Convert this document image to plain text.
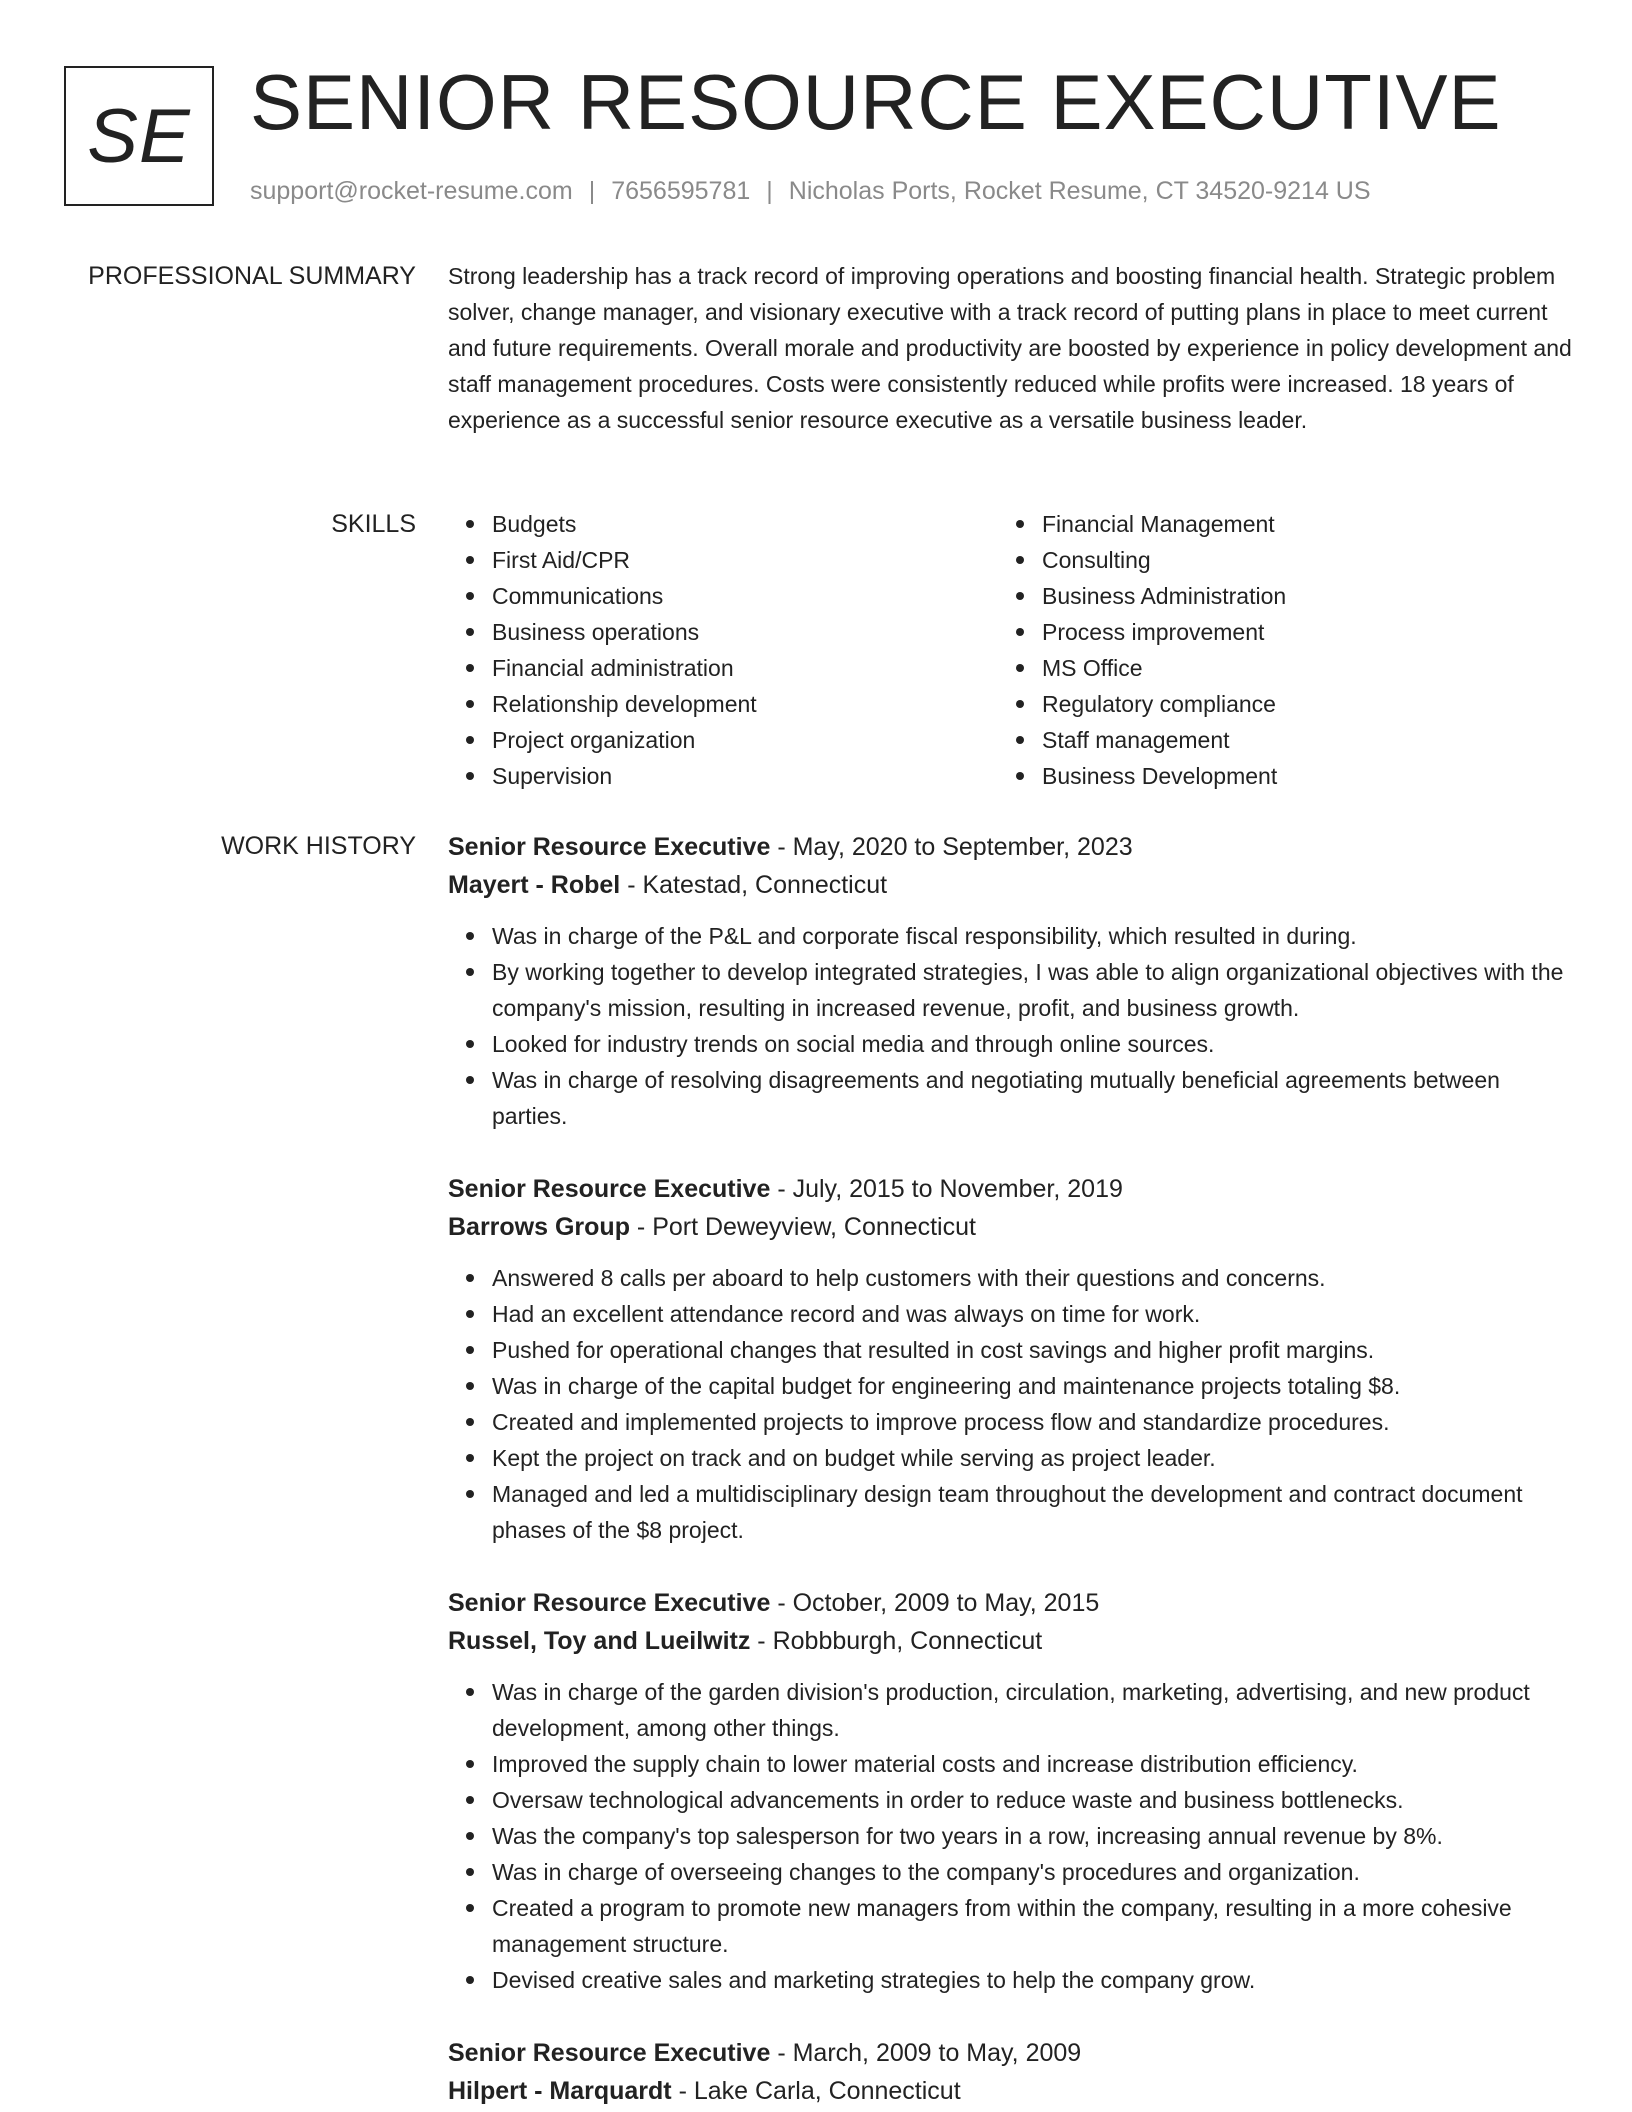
SE SENIOR RESOURCE EXECUTIVE
support@rocket-resume.com | 7656595781 | Nicholas Ports, Rocket Resume, CT 34520-9214 US
PROFESSIONAL SUMMARY Strong leadership has a track record of improving operations and boosting financial health. Strategic problem solver, change manager, and visionary executive with a track record of putting plans in place to meet current and future requirements. Overall morale and productivity are boosted by experience in policy development and staff management procedures. Costs were consistently reduced while profits were increased. 18 years of experience as a successful senior resource executive as a versatile business leader.

SKILLS	Budgets
First Aid/CPR
Communications
Business operations
Financial administration
Relationship development
Project organization
Supervision
Financial Management
Consulting
Business Administration
Process improvement
MS Office
Regulatory compliance
Staff management
Business Development
WORK HISTORY Senior Resource Executive - May, 2020 to September, 2023
Mayert - Robel - Katestad, Connecticut
Was in charge of the P&L and corporate fiscal responsibility, which resulted in during.
By working together to develop integrated strategies, I was able to align organizational objectives with the company's mission, resulting in increased revenue, profit, and business growth.
Looked for industry trends on social media and through online sources.
Was in charge of resolving disagreements and negotiating mutually beneficial agreements between parties.
Senior Resource Executive - July, 2015 to November, 2019
Barrows Group - Port Deweyview, Connecticut
Answered 8 calls per aboard to help customers with their questions and concerns.
Had an excellent attendance record and was always on time for work.
Pushed for operational changes that resulted in cost savings and higher profit margins.
Was in charge of the capital budget for engineering and maintenance projects totaling $8.
Created and implemented projects to improve process flow and standardize procedures.
Kept the project on track and on budget while serving as project leader.
Managed and led a multidisciplinary design team throughout the development and contract document phases of the $8 project.
Senior Resource Executive - October, 2009 to May, 2015
Russel, Toy and Lueilwitz - Robbburgh, Connecticut
Was in charge of the garden division's production, circulation, marketing, advertising, and new product development, among other things.
Improved the supply chain to lower material costs and increase distribution efficiency.
Oversaw technological advancements in order to reduce waste and business bottlenecks.
Was the company's top salesperson for two years in a row, increasing annual revenue by 8%.
Was in charge of overseeing changes to the company's procedures and organization.
Created a program to promote new managers from within the company, resulting in a more cohesive management structure.
Devised creative sales and marketing strategies to help the company grow.
Senior Resource Executive - March, 2009 to May, 2009
Hilpert - Marquardt - Lake Carla, Connecticut
